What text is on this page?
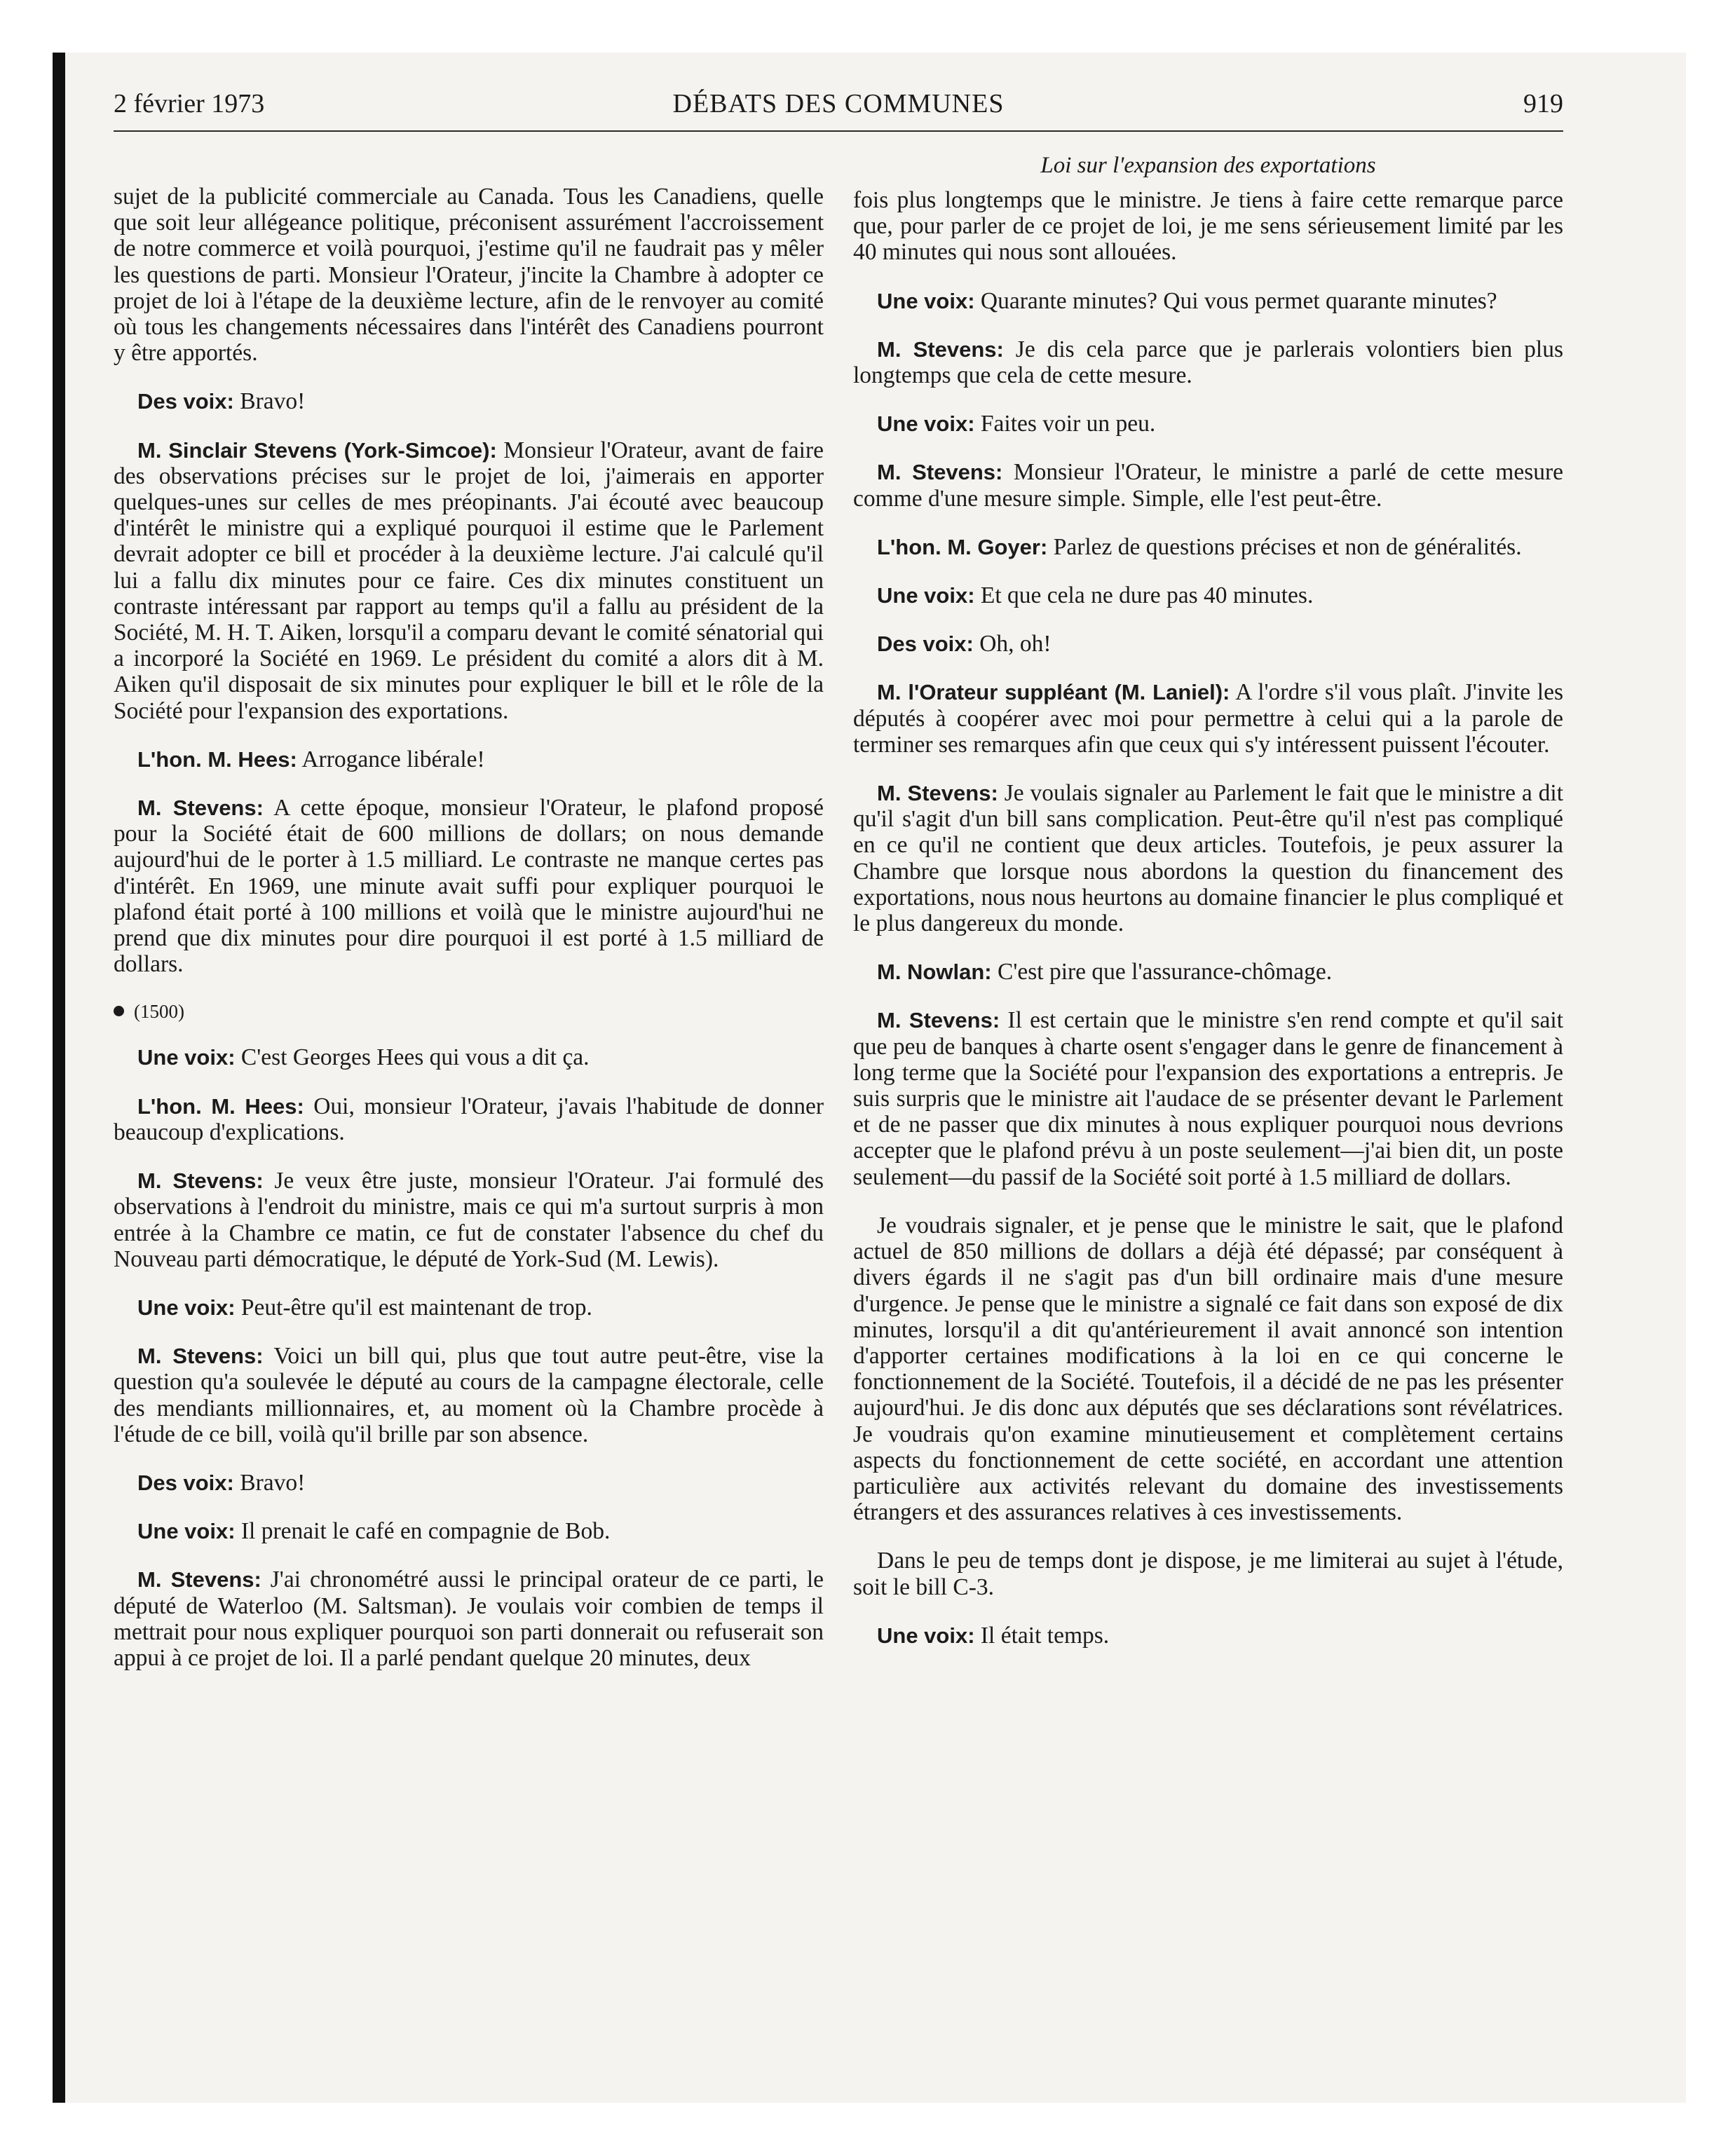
2 février 1973	DÉBATS DES COMMUNES	919
Loi sur l'expansion des exportations

sujet de la publicité commerciale au Canada. Tous les Canadiens, quelle que soit leur allégeance politique, préconisent assurément l'accroissement de notre commerce et voilà pourquoi, j'estime qu'il ne faudrait pas y mêler les questions de parti. Monsieur l'Orateur, j'incite la Chambre à adopter ce projet de loi à l'étape de la deuxième lecture, afin de le renvoyer au comité où tous les changements nécessaires dans l'intérêt des Canadiens pourront y être apportés.

Des voix: Bravo!

M. Sinclair Stevens (York-Simcoe): Monsieur l'Orateur, avant de faire des observations précises sur le projet de loi, j'aimerais en apporter quelques-unes sur celles de mes préopinants. J'ai écouté avec beaucoup d'intérêt le ministre qui a expliqué pourquoi il estime que le Parlement devrait adopter ce bill et procéder à la deuxième lecture. J'ai calculé qu'il lui a fallu dix minutes pour ce faire. Ces dix minutes constituent un contraste intéressant par rapport au temps qu'il a fallu au président de la Société, M. H. T. Aiken, lorsqu'il a comparu devant le comité sénatorial qui a incorporé la Société en 1969. Le président du comité a alors dit à M. Aiken qu'il disposait de six minutes pour expliquer le bill et le rôle de la Société pour l'expansion des exportations.

L'hon. M. Hees: Arrogance libérale!

M. Stevens: A cette époque, monsieur l'Orateur, le plafond proposé pour la Société était de 600 millions de dollars; on nous demande aujourd'hui de le porter à 1.5 milliard. Le contraste ne manque certes pas d'intérêt. En 1969, une minute avait suffi pour expliquer pourquoi le plafond était porté à 100 millions et voilà que le ministre aujourd'hui ne prend que dix minutes pour dire pourquoi il est porté à 1.5 milliard de dollars.

(1500)

Une voix: C'est Georges Hees qui vous a dit ça.

L'hon. M. Hees: Oui, monsieur l'Orateur, j'avais l'habitude de donner beaucoup d'explications.

M. Stevens: Je veux être juste, monsieur l'Orateur. J'ai formulé des observations à l'endroit du ministre, mais ce qui m'a surtout surpris à mon entrée à la Chambre ce matin, ce fut de constater l'absence du chef du Nouveau parti démocratique, le député de York-Sud (M. Lewis).

Une voix: Peut-être qu'il est maintenant de trop.

M. Stevens: Voici un bill qui, plus que tout autre peut-être, vise la question qu'a soulevée le député au cours de la campagne électorale, celle des mendiants millionnaires, et, au moment où la Chambre procède à l'étude de ce bill, voilà qu'il brille par son absence.

Des voix: Bravo!

Une voix: Il prenait le café en compagnie de Bob.

M. Stevens: J'ai chronométré aussi le principal orateur de ce parti, le député de Waterloo (M. Saltsman). Je voulais voir combien de temps il mettrait pour nous expliquer pourquoi son parti donnerait ou refuserait son appui à ce projet de loi. Il a parlé pendant quelque 20 minutes, deux

fois plus longtemps que le ministre. Je tiens à faire cette remarque parce que, pour parler de ce projet de loi, je me sens sérieusement limité par les 40 minutes qui nous sont allouées.

Une voix: Quarante minutes? Qui vous permet quarante minutes?

M. Stevens: Je dis cela parce que je parlerais volontiers bien plus longtemps que cela de cette mesure.

Une voix: Faites voir un peu.

M. Stevens: Monsieur l'Orateur, le ministre a parlé de cette mesure comme d'une mesure simple. Simple, elle l'est peut-être.

L'hon. M. Goyer: Parlez de questions précises et non de généralités.

Une voix: Et que cela ne dure pas 40 minutes.

Des voix: Oh, oh!

M. l'Orateur suppléant (M. Laniel): A l'ordre s'il vous plaît. J'invite les députés à coopérer avec moi pour permettre à celui qui a la parole de terminer ses remarques afin que ceux qui s'y intéressent puissent l'écouter.

M. Stevens: Je voulais signaler au Parlement le fait que le ministre a dit qu'il s'agit d'un bill sans complication. Peut-être qu'il n'est pas compliqué en ce qu'il ne contient que deux articles. Toutefois, je peux assurer la Chambre que lorsque nous abordons la question du financement des exportations, nous nous heurtons au domaine financier le plus compliqué et le plus dangereux du monde.

M. Nowlan: C'est pire que l'assurance-chômage.

M. Stevens: Il est certain que le ministre s'en rend compte et qu'il sait que peu de banques à charte osent s'engager dans le genre de financement à long terme que la Société pour l'expansion des exportations a entrepris. Je suis surpris que le ministre ait l'audace de se présenter devant le Parlement et de ne passer que dix minutes à nous expliquer pourquoi nous devrions accepter que le plafond prévu à un poste seulement—j'ai bien dit, un poste seulement—du passif de la Société soit porté à 1.5 milliard de dollars.

Je voudrais signaler, et je pense que le ministre le sait, que le plafond actuel de 850 millions de dollars a déjà été dépassé; par conséquent à divers égards il ne s'agit pas d'un bill ordinaire mais d'une mesure d'urgence. Je pense que le ministre a signalé ce fait dans son exposé de dix minutes, lorsqu'il a dit qu'antérieurement il avait annoncé son intention d'apporter certaines modifications à la loi en ce qui concerne le fonctionnement de la Société. Toutefois, il a décidé de ne pas les présenter aujourd'hui. Je dis donc aux députés que ses déclarations sont révélatrices. Je voudrais qu'on examine minutieusement et complètement certains aspects du fonctionnement de cette société, en accordant une attention particulière aux activités relevant du domaine des investissements étrangers et des assurances relatives à ces investissements.

Dans le peu de temps dont je dispose, je me limiterai au sujet à l'étude, soit le bill C-3.

Une voix: Il était temps.
